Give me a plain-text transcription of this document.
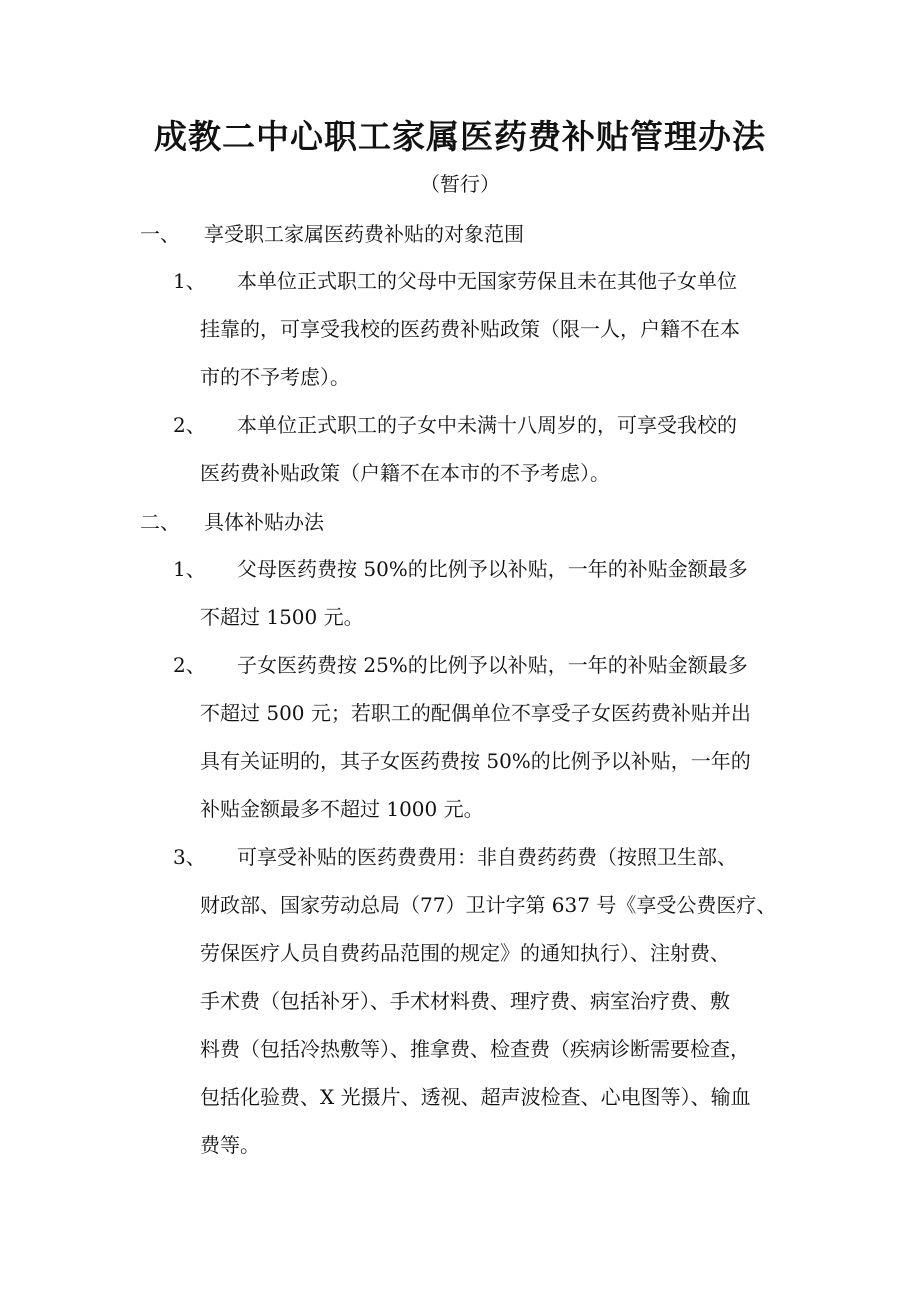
成教二中心职工家属医药费补贴管理办法
（暂行）
一、 享受职工家属医药费补贴的对象范围
1、 本单位正式职工的父母中无国家劳保且未在其他子女单位
挂靠的，可享受我校的医药费补贴政策（限一人，户籍不在本
市的不予考虑）。
2、 本单位正式职工的子女中未满十八周岁的，可享受我校的
医药费补贴政策（户籍不在本市的不予考虑）。
二、 具体补贴办法
1、 父母医药费按 50%的比例予以补贴，一年的补贴金额最多
不超过 1500 元。
2、 子女医药费按 25%的比例予以补贴，一年的补贴金额最多
不超过 500 元；若职工的配偶单位不享受子女医药费补贴并出
具有关证明的，其子女医药费按 50%的比例予以补贴，一年的
补贴金额最多不超过 1000 元。
3、 可享受补贴的医药费费用：非自费药药费（按照卫生部、
财政部、国家劳动总局（77）卫计字第 637 号《享受公费医疗、
劳保医疗人员自费药品范围的规定》的通知执行）、注射费、
手术费（包括补牙）、手术材料费、理疗费、病室治疗费、敷
料费（包括冷热敷等）、推拿费、检查费（疾病诊断需要检查，
包括化验费、X 光摄片、透视、超声波检查、心电图等）、输血
费等。
